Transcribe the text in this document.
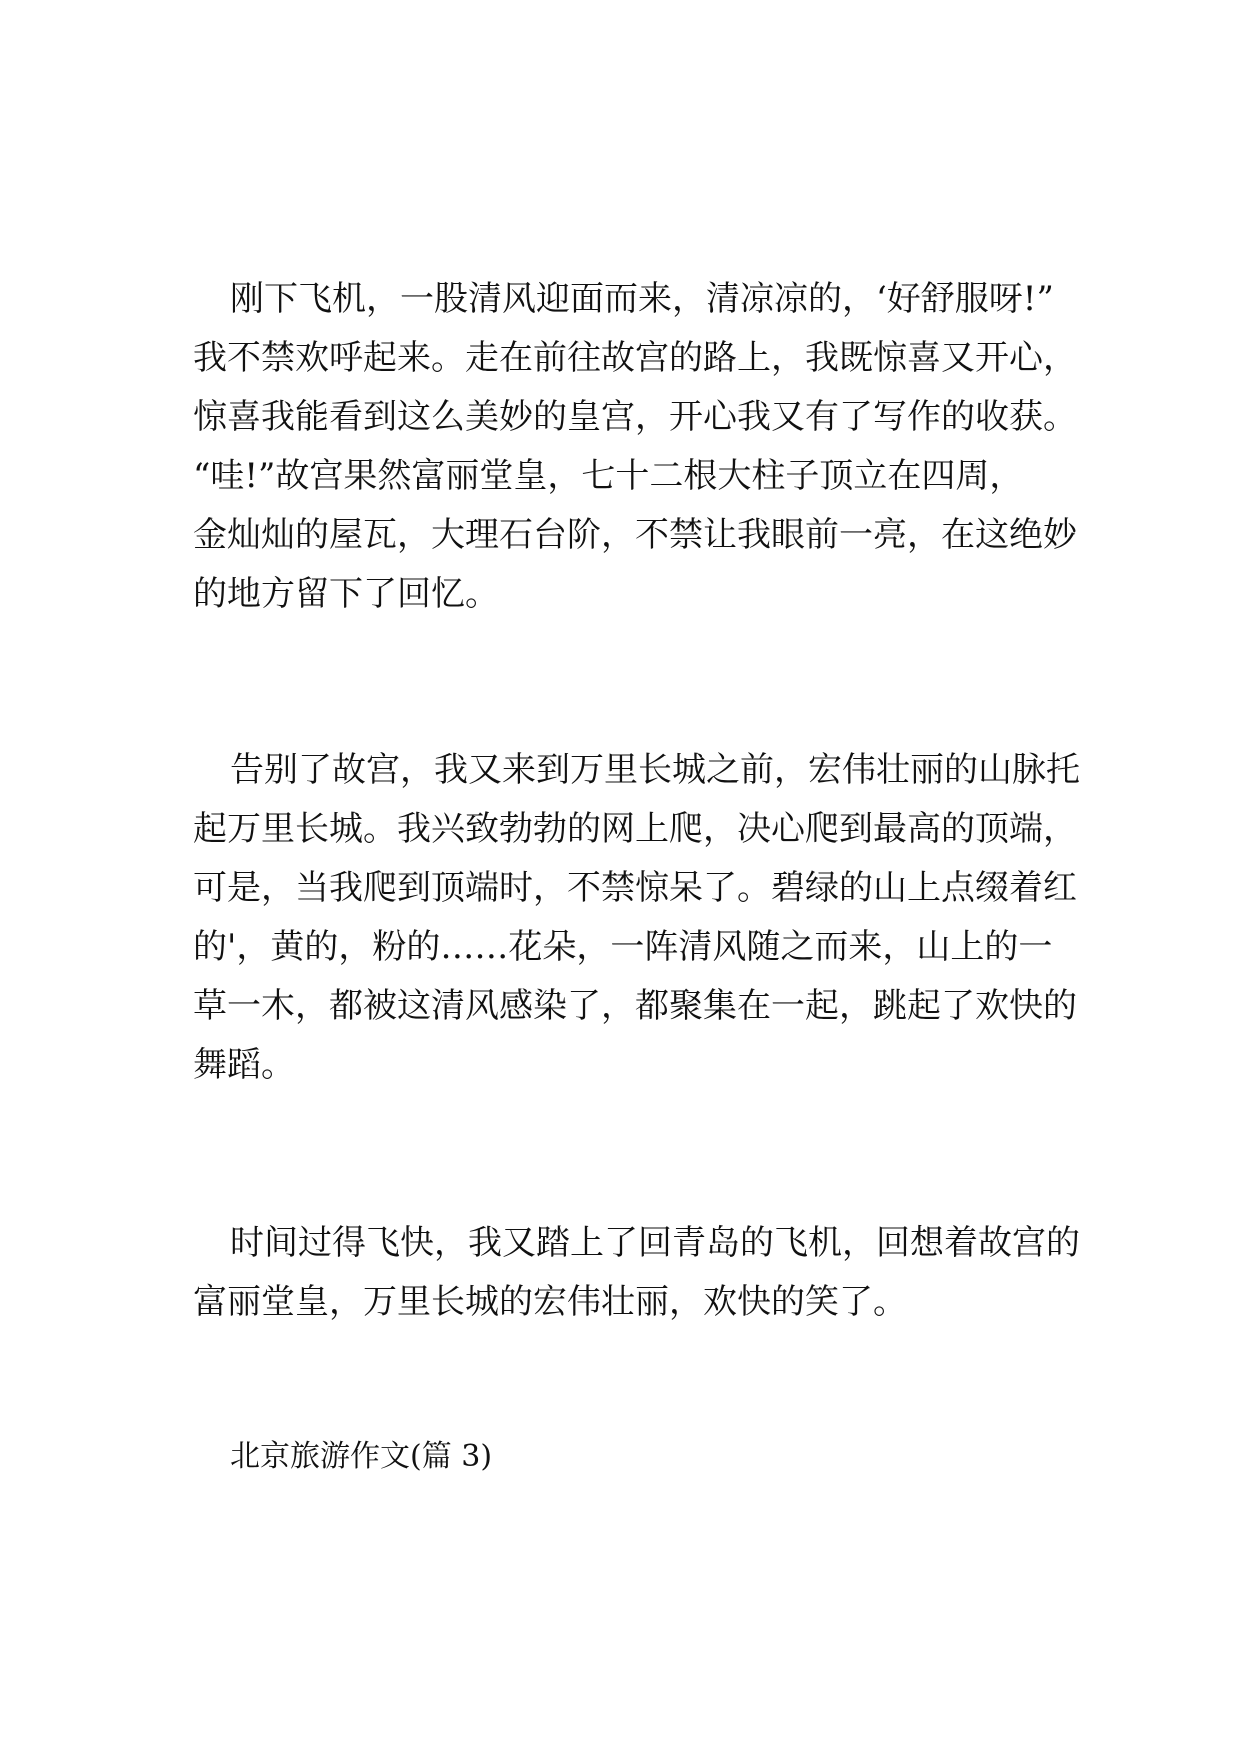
刚下飞机，一股清风迎面而来，清凉凉的，‘好舒服呀!”
我不禁欢呼起来。走在前往故宫的路上，我既惊喜又开心，
惊喜我能看到这么美妙的皇宫，开心我又有了写作的收获。
“哇!”故宫果然富丽堂皇，七十二根大柱子顶立在四周，
金灿灿的屋瓦，大理石台阶，不禁让我眼前一亮，在这绝妙
的地方留下了回忆。
告别了故宫，我又来到万里长城之前，宏伟壮丽的山脉托
起万里长城。我兴致勃勃的网上爬，决心爬到最高的顶端，
可是，当我爬到顶端时，不禁惊呆了。碧绿的山上点缀着红
的'，黄的，粉的……花朵，一阵清风随之而来，山上的一
草一木，都被这清风感染了，都聚集在一起，跳起了欢快的
舞蹈。
时间过得飞快，我又踏上了回青岛的飞机，回想着故宫的
富丽堂皇，万里长城的宏伟壮丽，欢快的笑了。
北京旅游作文(篇 3)
